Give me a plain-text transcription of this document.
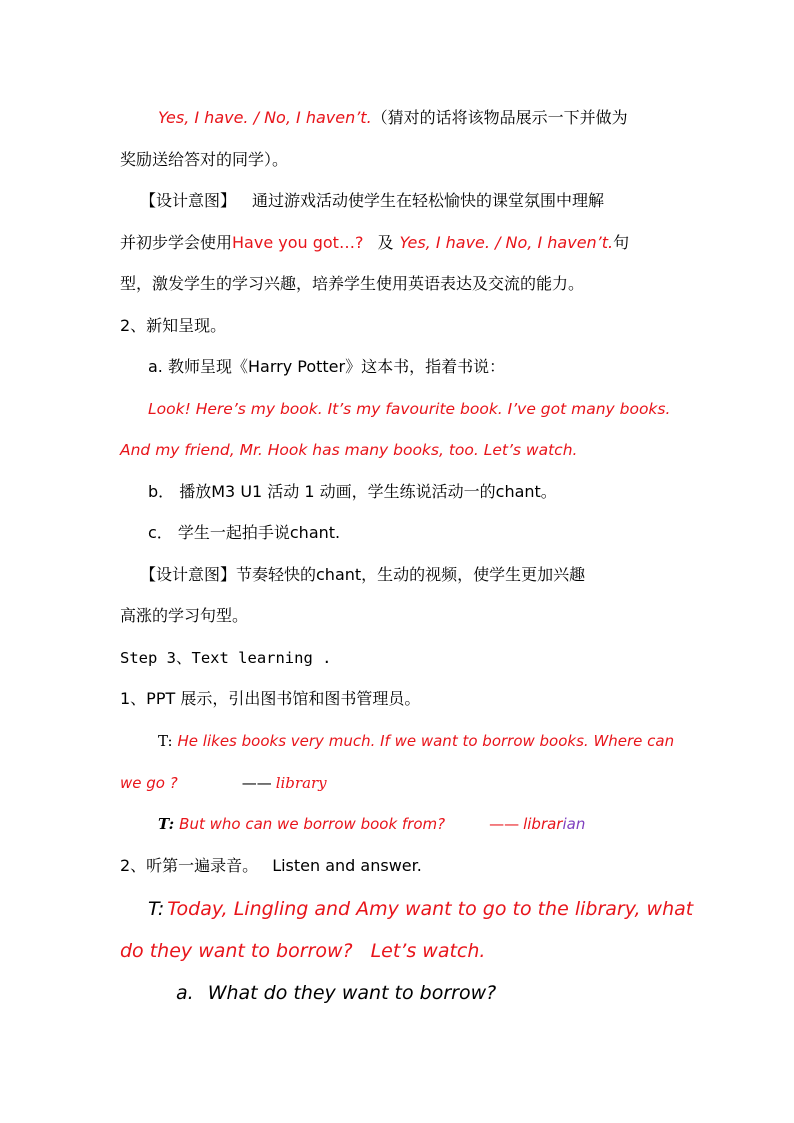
Yes, I have. / No, I haven’t.（猜对的话将该物品展示一下并做为
奖励送给答对的同学）。
【设计意图】 通过游戏活动使学生在轻松愉快的课堂氛围中理解
并初步学会使用Have you got…? 及 Yes, I have. / No, I haven’t.句
型，激发学生的学习兴趣，培养学生使用英语表达及交流的能力。
2、新知呈现。
a. 教师呈现《Harry Potter》这本书，指着书说：
Look! Here’s my book. It’s my favourite book. I’ve got many books.
And my friend, Mr. Hook has many books, too. Let’s watch.
b． 播放M3 U1 活动 1 动画，学生练说活动一的chant。
c． 学生一起拍手说chant.
【设计意图】节奏轻快的chant，生动的视频，使学生更加兴趣
高涨的学习句型。
Step 3、Text learning .
1、PPT 展示，引出图书馆和图书管理员。
T: He likes books very much. If we want to borrow books. Where can
we go ?	—— library
T: But who can we borrow book from?	—— librarian
2、听第一遍录音。 Listen and answer.
T: Today, Lingling and Amy want to go to the library, what
do they want to borrow? Let’s watch.
a. What do they want to borrow?
